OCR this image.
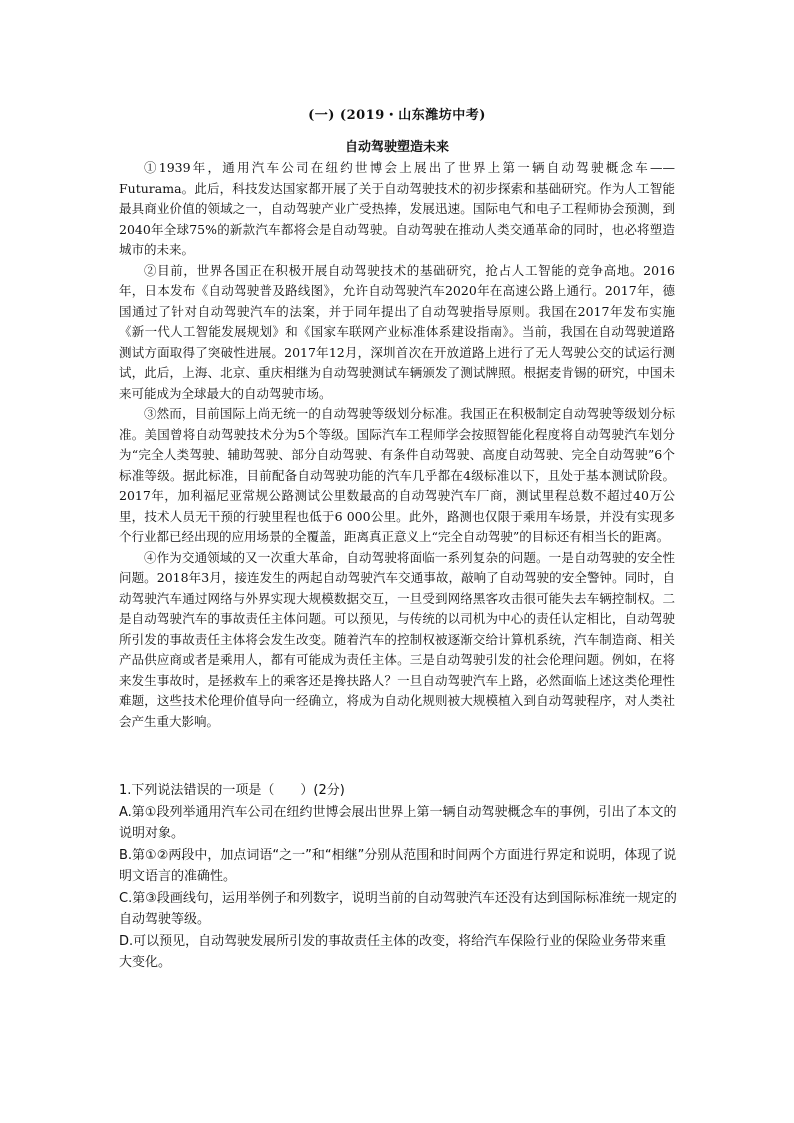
(一) (2019・山东潍坊中考)
自动驾驶塑造未来

①1939年，通用汽车公司在纽约世博会上展出了世界上第一辆自动驾驶概念车——Futurama。此后，科技发达国家都开展了关于自动驾驶技术的初步探索和基础研究。作为人工智能最具商业价值的领域之一，自动驾驶产业广受热捧，发展迅速。国际电气和电子工程师协会预测，到2040年全球75%的新款汽车都将会是自动驾驶。自动驾驶在推动人类交通革命的同时，也必将塑造城市的未来。

②目前，世界各国正在积极开展自动驾驶技术的基础研究，抢占人工智能的竞争高地。2016年，日本发布《自动驾驶普及路线图》，允许自动驾驶汽车2020年在高速公路上通行。2017年，德国通过了针对自动驾驶汽车的法案，并于同年提出了自动驾驶指导原则。我国在2017年发布实施《新一代人工智能发展规划》和《国家车联网产业标准体系建设指南》。当前，我国在自动驾驶道路测试方面取得了突破性进展。2017年12月，深圳首次在开放道路上进行了无人驾驶公交的试运行测试，此后，上海、北京、重庆相继为自动驾驶测试车辆颁发了测试牌照。根据麦肯锡的研究，中国未来可能成为全球最大的自动驾驶市场。

③然而，目前国际上尚无统一的自动驾驶等级划分标准。我国正在积极制定自动驾驶等级划分标准。美国曾将自动驾驶技术分为5个等级。国际汽车工程师学会按照智能化程度将自动驾驶汽车划分为“完全人类驾驶、辅助驾驶、部分自动驾驶、有条件自动驾驶、高度自动驾驶、完全自动驾驶”6个标准等级。据此标准，目前配备自动驾驶功能的汽车几乎都在4级标准以下，且处于基本测试阶段。2017年，加利福尼亚常规公路测试公里数最高的自动驾驶汽车厂商，测试里程总数不超过40万公里，技术人员无干预的行驶里程也低于6 000公里。此外，路测也仅限于乘用车场景，并没有实现多个行业都已经出现的应用场景的全覆盖，距离真正意义上“完全自动驾驶”的目标还有相当长的距离。

④作为交通领域的又一次重大革命，自动驾驶将面临一系列复杂的问题。一是自动驾驶的安全性问题。2018年3月，接连发生的两起自动驾驶汽车交通事故，敲响了自动驾驶的安全警钟。同时，自动驾驶汽车通过网络与外界实现大规模数据交互，一旦受到网络黑客攻击很可能失去车辆控制权。二是自动驾驶汽车的事故责任主体问题。可以预见，与传统的以司机为中心的责任认定相比，自动驾驶所引发的事故责任主体将会发生改变。随着汽车的控制权被逐渐交给计算机系统，汽车制造商、相关产品供应商或者是乘用人，都有可能成为责任主体。三是自动驾驶引发的社会伦理问题。例如，在将来发生事故时，是拯救车上的乘客还是搀扶路人？一旦自动驾驶汽车上路，必然面临上述这类伦理性难题，这些技术伦理价值导向一经确立，将成为自动化规则被大规模植入到自动驾驶程序，对人类社会产生重大影响。

1.下列说法错误的一项是（　　）(2分)

A.第①段列举通用汽车公司在纽约世博会展出世界上第一辆自动驾驶概念车的事例，引出了本文的说明对象。

B.第①②两段中，加点词语“之一”和“相继”分别从范围和时间两个方面进行界定和说明，体现了说明文语言的准确性。

C.第③段画线句，运用举例子和列数字，说明当前的自动驾驶汽车还没有达到国际标准统一规定的自动驾驶等级。

D.可以预见，自动驾驶发展所引发的事故责任主体的改变，将给汽车保险行业的保险业务带来重大变化。
